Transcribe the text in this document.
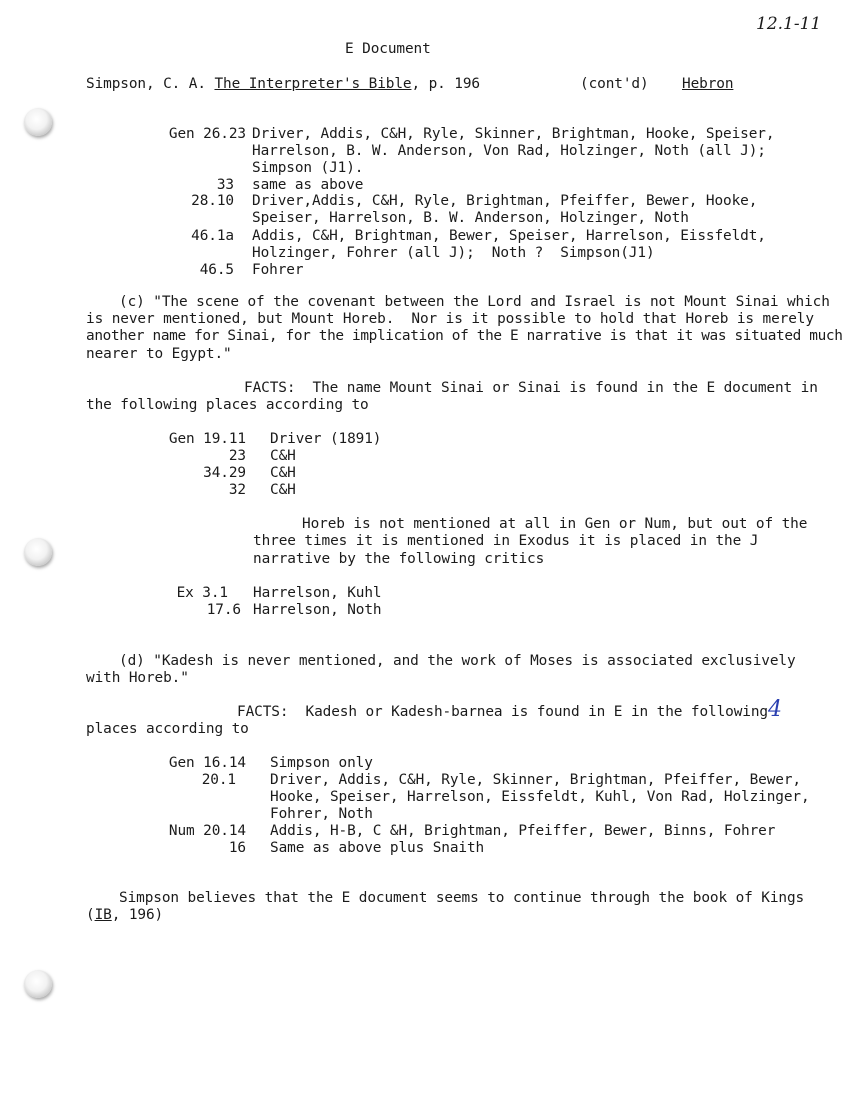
12.1-11
E Document
Simpson, C. A. The Interpreter's Bible, p. 196	(cont'd) Hebron
Gen 26.23 Driver, Addis, C&H, Ryle, Skinner, Brightman, Hooke, Speiser,
Harrelson, B. W. Anderson, Von Rad, Holzinger, Noth (all J);
Simpson (J1).
33 same as above
28.10 Driver,Addis, C&H, Ryle, Brightman, Pfeiffer, Bewer, Hooke,
Speiser, Harrelson, B. W. Anderson, Holzinger, Noth
46.1a Addis, C&H, Brightman, Bewer, Speiser, Harrelson, Eissfeldt,
Holzinger, Fohrer (all J);  Noth ?  Simpson(J1)
46.5 Fohrer
(c) "The scene of the covenant between the Lord and Israel is not Mount Sinai which
is never mentioned, but Mount Horeb.  Nor is it possible to hold that Horeb is merely
another name for Sinai, for the implication of the E narrative is that it was situated much
nearer to Egypt."
FACTS:  The name Mount Sinai or Sinai is found in the E document in
the following places according to
Gen 19.11 Driver (1891)
23 C&H
34.29 C&H
32 C&H
Horeb is not mentioned at all in Gen or Num, but out of the
three times it is mentioned in Exodus it is placed in the J
narrative by the following critics
Ex 3.1 Harrelson, Kuhl
17.6 Harrelson, Noth
(d) "Kadesh is never mentioned, and the work of Moses is associated exclusively
with Horeb."
FACTS:  Kadesh or Kadesh-barnea is found in E in the following 4
places according to
Gen 16.14 Simpson only
20.1 Driver, Addis, C&H, Ryle, Skinner, Brightman, Pfeiffer, Bewer,
Hooke, Speiser, Harrelson, Eissfeldt, Kuhl, Von Rad, Holzinger,
Fohrer, Noth
Num 20.14 Addis, H-B, C &H, Brightman, Pfeiffer, Bewer, Binns, Fohrer
16 Same as above plus Snaith
Simpson believes that the E document seems to continue through the book of Kings
(IB, 196)
